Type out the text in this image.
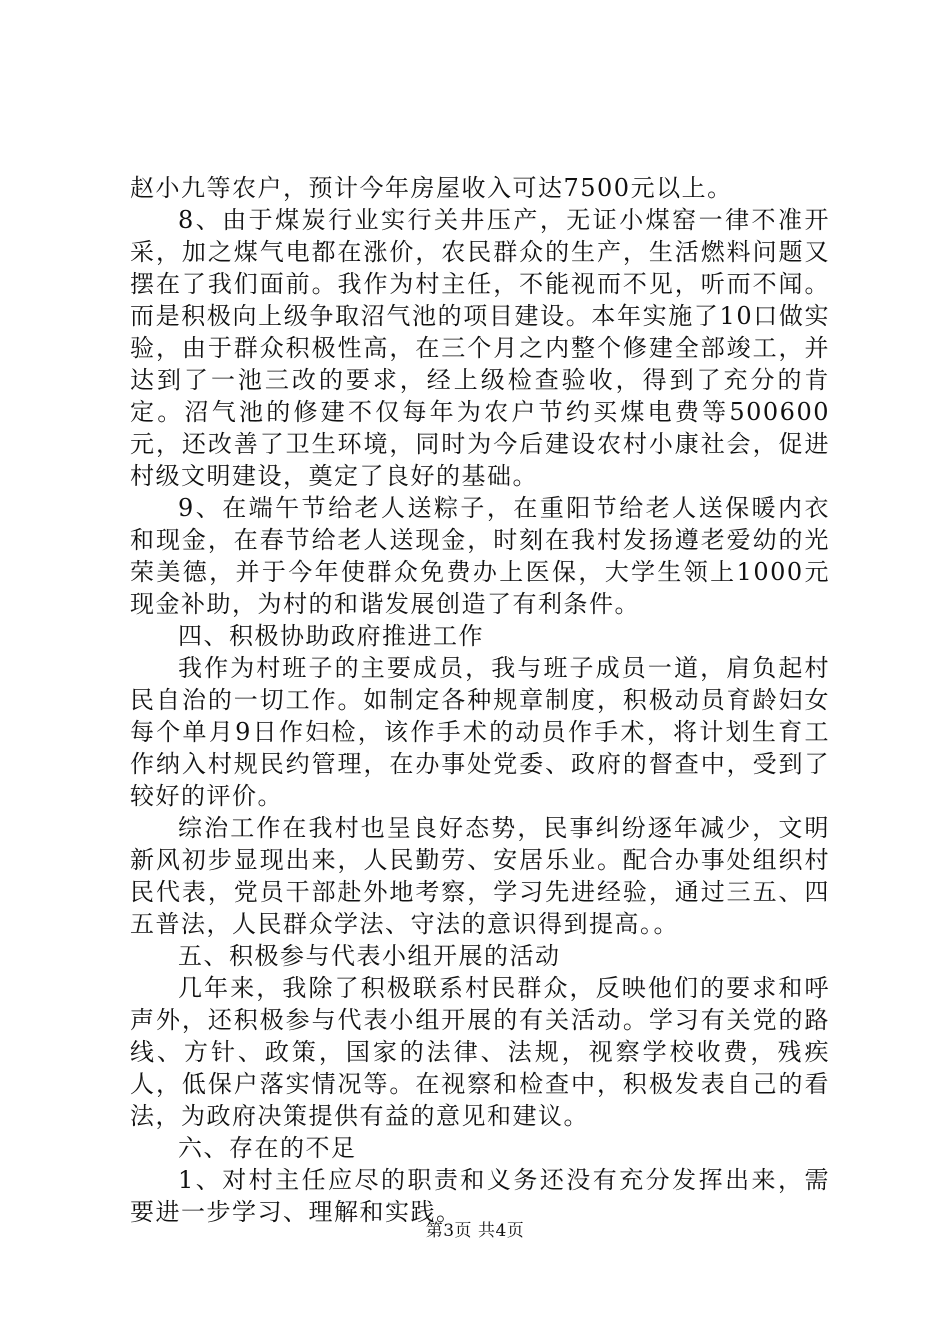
赵小九等农户，预计今年房屋收入可达7500元以上。

8、由于煤炭行业实行关井压产，无证小煤窑一律不准开采，加之煤气电都在涨价，农民群众的生产，生活燃料问题又摆在了我们面前。我作为村主任，不能视而不见，听而不闻。而是积极向上级争取沼气池的项目建设。本年实施了10口做实验，由于群众积极性高，在三个月之内整个修建全部竣工，并达到了一池三改的要求，经上级检查验收，得到了充分的肯定。沼气池的修建不仅每年为农户节约买煤电费等500600元，还改善了卫生环境，同时为今后建设农村小康社会，促进村级文明建设，奠定了良好的基础。

9、在端午节给老人送粽子，在重阳节给老人送保暖内衣和现金，在春节给老人送现金，时刻在我村发扬遵老爱幼的光荣美德，并于今年使群众免费办上医保，大学生领上1000元现金补助，为村的和谐发展创造了有利条件。

四、积极协助政府推进工作

我作为村班子的主要成员，我与班子成员一道，肩负起村民自治的一切工作。如制定各种规章制度，积极动员育龄妇女每个单月9日作妇检，该作手术的动员作手术，将计划生育工作纳入村规民约管理，在办事处党委、政府的督查中，受到了较好的评价。

综治工作在我村也呈良好态势，民事纠纷逐年减少，文明新风初步显现出来，人民勤劳、安居乐业。配合办事处组织村民代表，党员干部赴外地考察，学习先进经验，通过三五、四五普法，人民群众学法、守法的意识得到提高。。

五、积极参与代表小组开展的活动

几年来，我除了积极联系村民群众，反映他们的要求和呼声外，还积极参与代表小组开展的有关活动。学习有关党的路线、方针、政策，国家的法律、法规，视察学校收费，残疾人，低保户落实情况等。在视察和检查中，积极发表自己的看法，为政府决策提供有益的意见和建议。

六、存在的不足

1、对村主任应尽的职责和义务还没有充分发挥出来，需要进一步学习、理解和实践。

第3页 共4页
